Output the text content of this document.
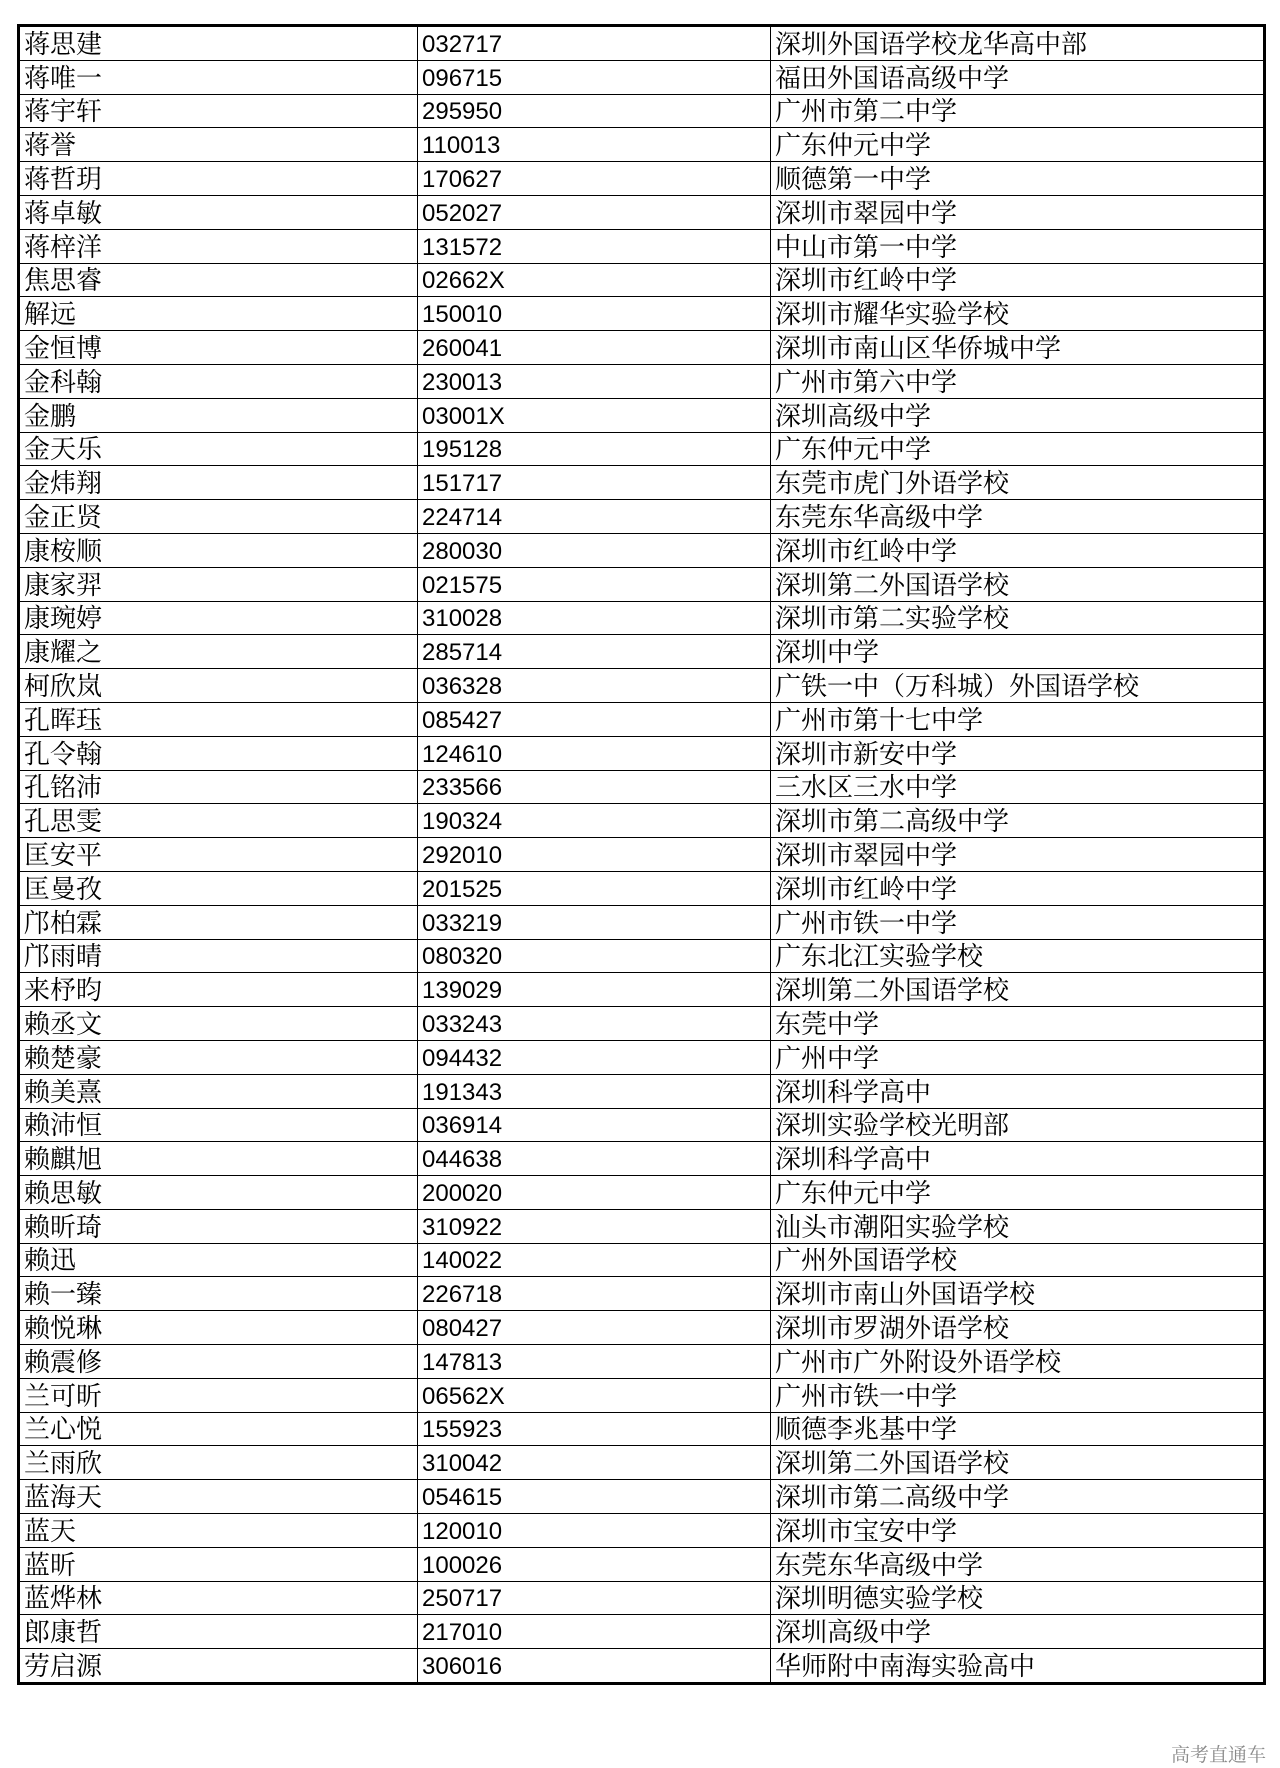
蒋思建	032717	深圳外国语学校龙华高中部
蒋唯一	096715	福田外国语高级中学
蒋宇轩	295950	广州市第二中学
蒋誉	110013	广东仲元中学
蒋哲玥	170627	顺德第一中学
蒋卓敏	052027	深圳市翠园中学
蒋梓洋	131572	中山市第一中学
焦思睿	02662X	深圳市红岭中学
解远	150010	深圳市耀华实验学校
金恒博	260041	深圳市南山区华侨城中学
金科翰	230013	广州市第六中学
金鹏	03001X	深圳高级中学
金天乐	195128	广东仲元中学
金炜翔	151717	东莞市虎门外语学校
金正贤	224714	东莞东华高级中学
康桉顺	280030	深圳市红岭中学
康家羿	021575	深圳第二外国语学校
康琬婷	310028	深圳市第二实验学校
康耀之	285714	深圳中学
柯欣岚	036328	广铁一中（万科城）外国语学校
孔晖珏	085427	广州市第十七中学
孔令翰	124610	深圳市新安中学
孔铭沛	233566	三水区三水中学
孔思雯	190324	深圳市第二高级中学
匡安平	292010	深圳市翠园中学
匡曼孜	201525	深圳市红岭中学
邝柏霖	033219	广州市铁一中学
邝雨晴	080320	广东北江实验学校
来杼昀	139029	深圳第二外国语学校
赖丞文	033243	东莞中学
赖楚豪	094432	广州中学
赖美熹	191343	深圳科学高中
赖沛恒	036914	深圳实验学校光明部
赖麒旭	044638	深圳科学高中
赖思敏	200020	广东仲元中学
赖昕琦	310922	汕头市潮阳实验学校
赖迅	140022	广州外国语学校
赖一臻	226718	深圳市南山外国语学校
赖悦琳	080427	深圳市罗湖外语学校
赖震修	147813	广州市广外附设外语学校
兰可昕	06562X	广州市铁一中学
兰心悦	155923	顺德李兆基中学
兰雨欣	310042	深圳第二外国语学校
蓝海天	054615	深圳市第二高级中学
蓝天	120010	深圳市宝安中学
蓝昕	100026	东莞东华高级中学
蓝烨林	250717	深圳明德实验学校
郎康哲	217010	深圳高级中学
劳启源	306016	华师附中南海实验高中
高考直通车
